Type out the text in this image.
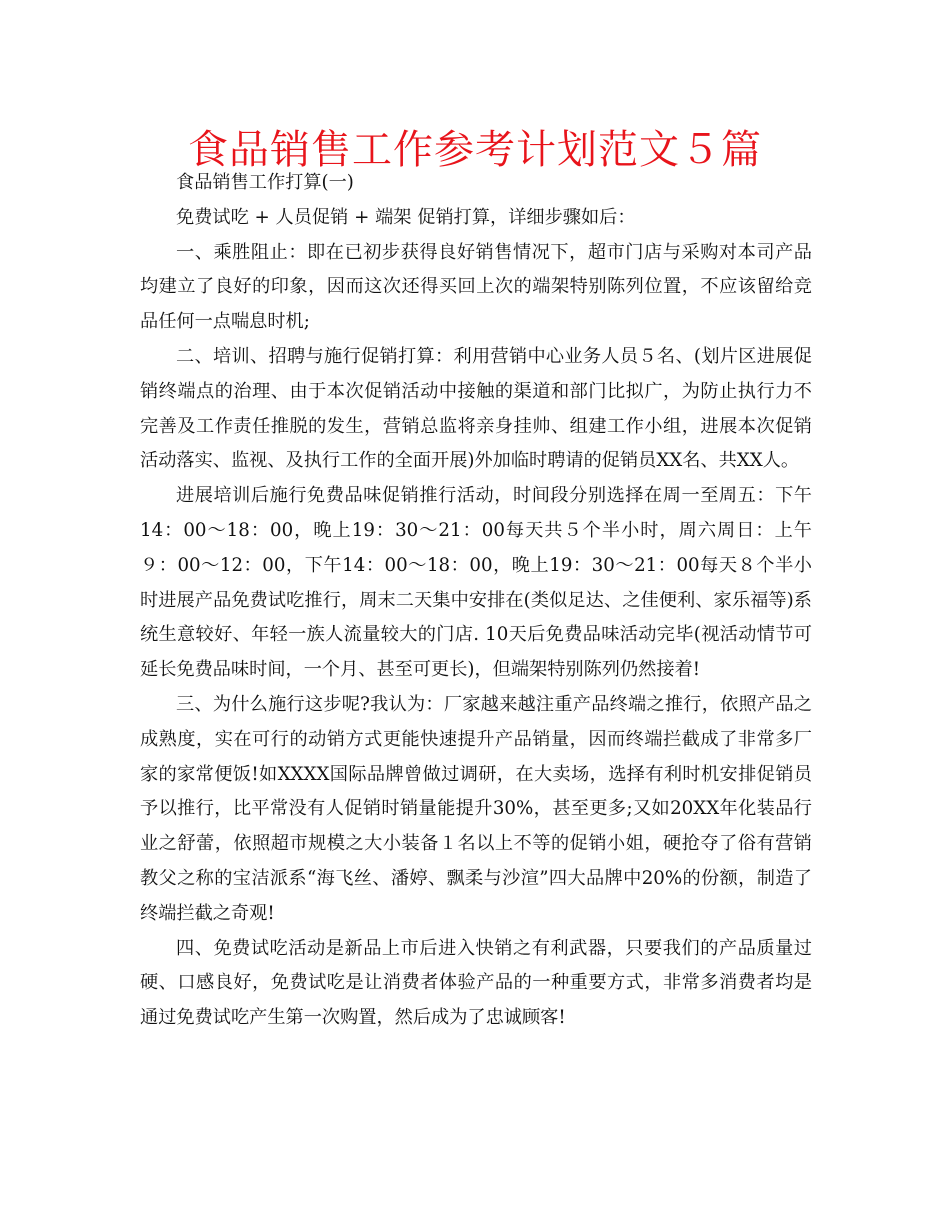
食品销售工作参考计划范文５篇

食品销售工作打算(一)

免费试吃 + 人员促销 + 端架 促销打算，详细步骤如后：

一、乘胜阻止：即在已初步获得良好销售情况下，超市门店与采购对本司产品均建立了良好的印象，因而这次还得买回上次的端架特别陈列位置，不应该留给竞品任何一点喘息时机;

二、培训、招聘与施行促销打算：利用营销中心业务人员５名、(划片区进展促销终端点的治理、由于本次促销活动中接触的渠道和部门比拟广，为防止执行力不完善及工作责任推脱的发生，营销总监将亲身挂帅、组建工作小组，进展本次促销活动落实、监视、及执行工作的全面开展)外加临时聘请的促销员XX名、共XX人。

进展培训后施行免费品味促销推行活动，时间段分别选择在周一至周五：下午14：00～18：00，晚上19：30～21：00每天共５个半小时，周六周日：上午９：00～12：00，下午14：00～18：00，晚上19：30～21：00每天８个半小时进展产品免费试吃推行，周末二天集中安排在(类似足达、之佳便利、家乐福等)系统生意较好、年轻一族人流量较大的门店. 10天后免费品味活动完毕(视活动情节可延长免费品味时间，一个月、甚至可更长)，但端架特别陈列仍然接着!

三、为什么施行这步呢?我认为：厂家越来越注重产品终端之推行，依照产品之成熟度，实在可行的动销方式更能快速提升产品销量，因而终端拦截成了非常多厂家的家常便饭!如XXXX国际品牌曾做过调研，在大卖场，选择有利时机安排促销员予以推行，比平常没有人促销时销量能提升30%，甚至更多;又如20XX年化装品行业之舒蕾，依照超市规模之大小装备１名以上不等的促销小姐，硬抢夺了俗有营销教父之称的宝洁派系“海飞丝、潘婷、飘柔与沙渲”四大品牌中20%的份额，制造了终端拦截之奇观!

四、免费试吃活动是新品上市后进入快销之有利武器，只要我们的产品质量过硬、口感良好，免费试吃是让消费者体验产品的一种重要方式，非常多消费者均是通过免费试吃产生第一次购置，然后成为了忠诚顾客!
